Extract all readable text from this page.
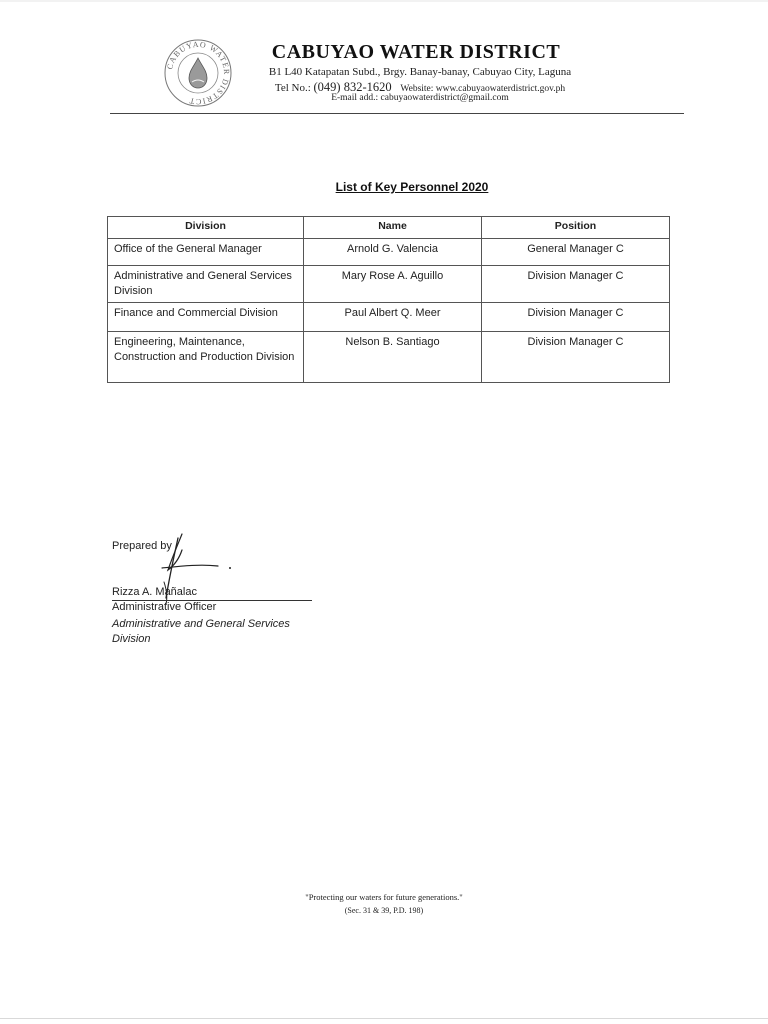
CABUYAO WATER DISTRICT
CABUYAO WATER DISTRICT
B1 L40 Katapatan Subd., Brgy. Banay-banay, Cabuyao City, Laguna
Tel No.: (049) 832-1620 Website: www.cabuyaowaterdistrict.gov.ph
E-mail add.: cabuyaowaterdistrict@gmail.com
List of Key Personnel 2020
Division	Name	Position
Office of the General Manager	Arnold G. Valencia	General Manager C
Administrative and General Services Division	Mary Rose A. Aguillo	Division Manager C
Finance and Commercial Division	Paul Albert Q. Meer	Division Manager C
Engineering, Maintenance, Construction and Production Division	Nelson B. Santiago	Division Manager C
Prepared by
Rizza A. Mañalac
Administrative Officer
Administrative and General Services Division
"Protecting our waters for future generations."
(Sec. 31 & 39, P.D. 198)
